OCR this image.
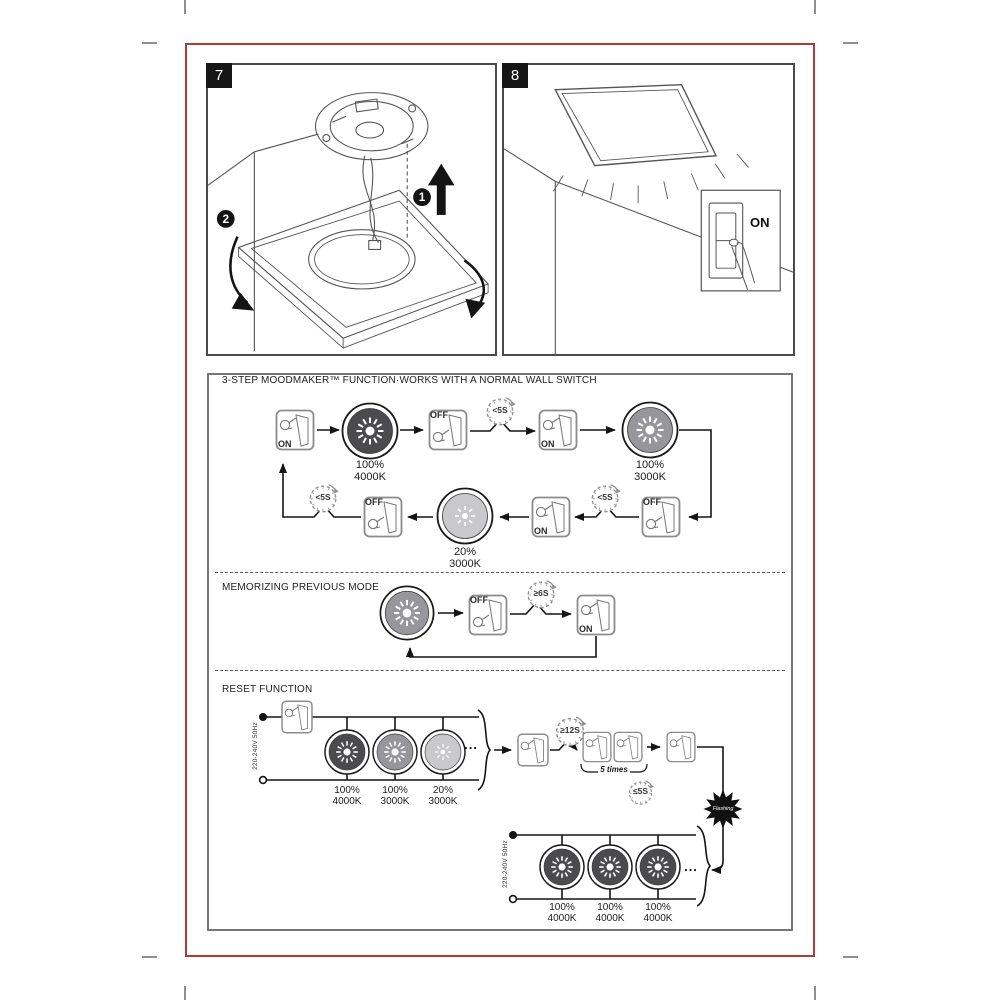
1
2
7
ON
8
3-STEP MOODMAKER™ FUNCTION·WORKS WITH A NORMAL WALL SWITCH
MEMORIZING PREVIOUS MODE
RESET FUNCTION
ON
100%
4000K
OFF
<5S
ON
100%
3000K
OFF
<5S
ON
20%
3000K
OFF
<5S
OFF
≥6S
ON
220-240V 50Hz	...
100%
4000K
100%
3000K
20%
3000K
≥12S
5 times
≤5S
Flashing
220-240V 50Hz	...
100%
4000K
100%
4000K
100%
4000K
